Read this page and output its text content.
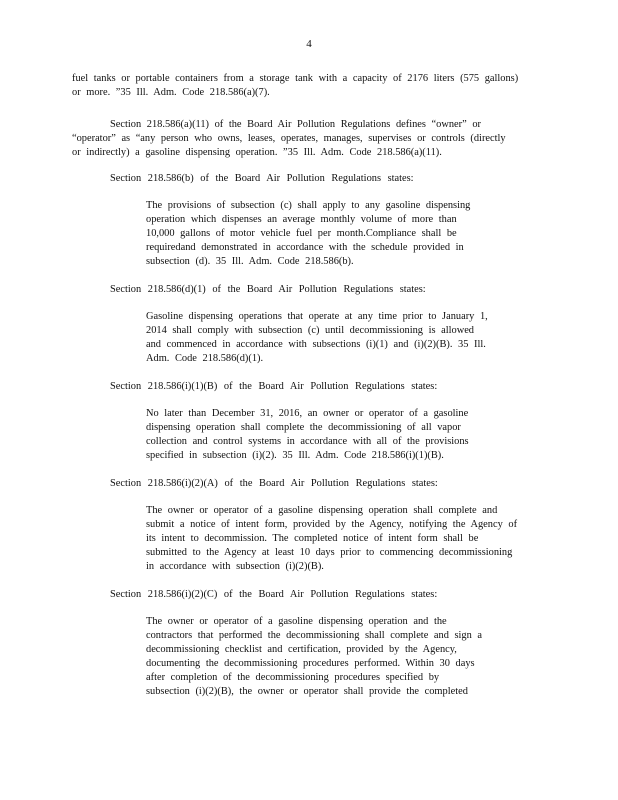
4
fuel tanks or portable containers from a storage tank with a capacity of 2176 liters (575 gallons)
or more. ”35 Ill. Adm. Code 218.586(a)(7).
Section 218.586(a)(11) of the Board Air Pollution Regulations defines “owner” or
“operator” as “any person who owns, leases, operates, manages, supervises or controls (directly
or indirectly) a gasoline dispensing operation. ”35 Ill. Adm. Code 218.586(a)(11).
Section 218.586(b) of the Board Air Pollution Regulations states:
The provisions of subsection (c) shall apply to any gasoline dispensing
operation which dispenses an average monthly volume of more than
10,000 gallons of motor vehicle fuel per month.Compliance shall be
requiredand demonstrated in accordance with the schedule provided in
subsection (d). 35 Ill. Adm. Code 218.586(b).
Section 218.586(d)(1) of the Board Air Pollution Regulations states:
Gasoline dispensing operations that operate at any time prior to January 1,
2014 shall comply with subsection (c) until decommissioning is allowed
and commenced in accordance with subsections (i)(1) and (i)(2)(B). 35 Ill.
Adm. Code 218.586(d)(1).
Section 218.586(i)(1)(B) of the Board Air Pollution Regulations states:
No later than December 31, 2016, an owner or operator of a gasoline
dispensing operation shall complete the decommissioning of all vapor
collection and control systems in accordance with all of the provisions
specified in subsection (i)(2). 35 Ill. Adm. Code 218.586(i)(1)(B).
Section 218.586(i)(2)(A) of the Board Air Pollution Regulations states:
The owner or operator of a gasoline dispensing operation shall complete and
submit a notice of intent form, provided by the Agency, notifying the Agency of
its intent to decommission. The completed notice of intent form shall be
submitted to the Agency at least 10 days prior to commencing decommissioning
in accordance with subsection (i)(2)(B).
Section 218.586(i)(2)(C) of the Board Air Pollution Regulations states:
The owner or operator of a gasoline dispensing operation and the
contractors that performed the decommissioning shall complete and sign a
decommissioning checklist and certification, provided by the Agency,
documenting the decommissioning procedures performed. Within 30 days
after completion of the decommissioning procedures specified by
subsection (i)(2)(B), the owner or operator shall provide the completed
